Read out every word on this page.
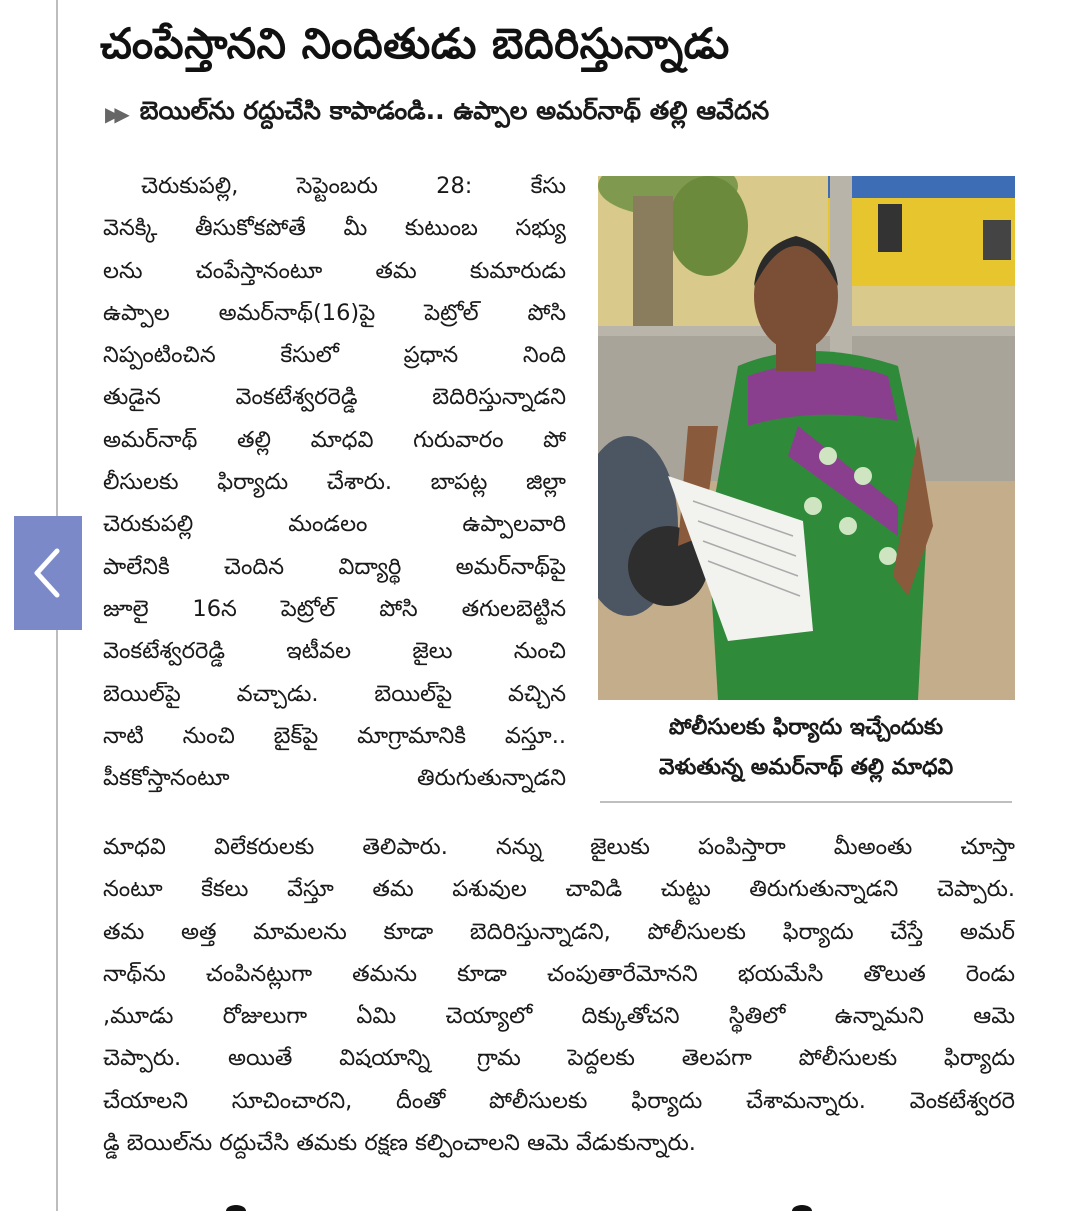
చంపేస్తానని నిందితుడు బెదిరిస్తున్నాడు
▶▶ బెయిల్‌ను రద్దుచేసి కాపాడండి.. ఉప్పాల అమర్‌నాథ్ తల్లి ఆవేదన
చెరుకుపల్లి, సెప్టెంబరు 28: కేసు
వెనక్కి తీసుకోకపోతే మీ కుటుంబ సభ్యు
లను చంపేస్తానంటూ తమ కుమారుడు
ఉప్పాల అమర్‌నాథ్(16)పై పెట్రోల్ పోసి
నిప్పంటించిన కేసులో ప్రధాన నింది
తుడైన వెంకటేశ్వరరెడ్డి బెదిరిస్తున్నాడని
అమర్‌నాథ్ తల్లి మాధవి గురువారం పో
లీసులకు ఫిర్యాదు చేశారు. బాపట్ల జిల్లా
చెరుకుపల్లి మండలం ఉప్పాలవారి
పాలేనికి చెందిన విద్యార్థి అమర్‌నాథ్‌పై
జూలై 16న పెట్రోల్ పోసి తగులబెట్టిన
వెంకటేశ్వరరెడ్డి ఇటీవల జైలు నుంచి
బెయిల్‌పై వచ్చాడు. బెయిల్‌పై వచ్చిన
నాటి నుంచి బైక్‌పై మాగ్రామానికి వస్తూ..
పీకకోస్తానంటూ తిరుగుతున్నాడని
పోలీసులకు ఫిర్యాదు ఇచ్చేందుకు
వెళుతున్న అమర్‌నాథ్ తల్లి మాధవి
మాధవి విలేకరులకు తెలిపారు. నన్ను జైలుకు పంపిస్తారా మీఅంతు చూస్తా
నంటూ కేకలు వేస్తూ తమ పశువుల చావిడి చుట్టు తిరుగుతున్నాడని చెప్పారు.
తమ అత్త మామలను కూడా బెదిరిస్తున్నాడని, పోలీసులకు ఫిర్యాదు చేస్తే అమర్
నాథ్‌ను చంపినట్లుగా తమను కూడా చంపుతారేమోనని భయమేసి తొలుత రెండు
,మూడు రోజులుగా ఏమి చెయ్యాలో దిక్కుతోచని స్థితిలో ఉన్నామని ఆమె
చెప్పారు. అయితే విషయాన్ని గ్రామ పెద్దలకు తెలపగా పోలీసులకు ఫిర్యాదు
చేయాలని సూచించారని, దీంతో పోలీసులకు ఫిర్యాదు చేశామన్నారు. వెంకటేశ్వరరె
డ్డి బెయిల్‌ను రద్దుచేసి తమకు రక్షణ కల్పించాలని ఆమె వేడుకున్నారు.
